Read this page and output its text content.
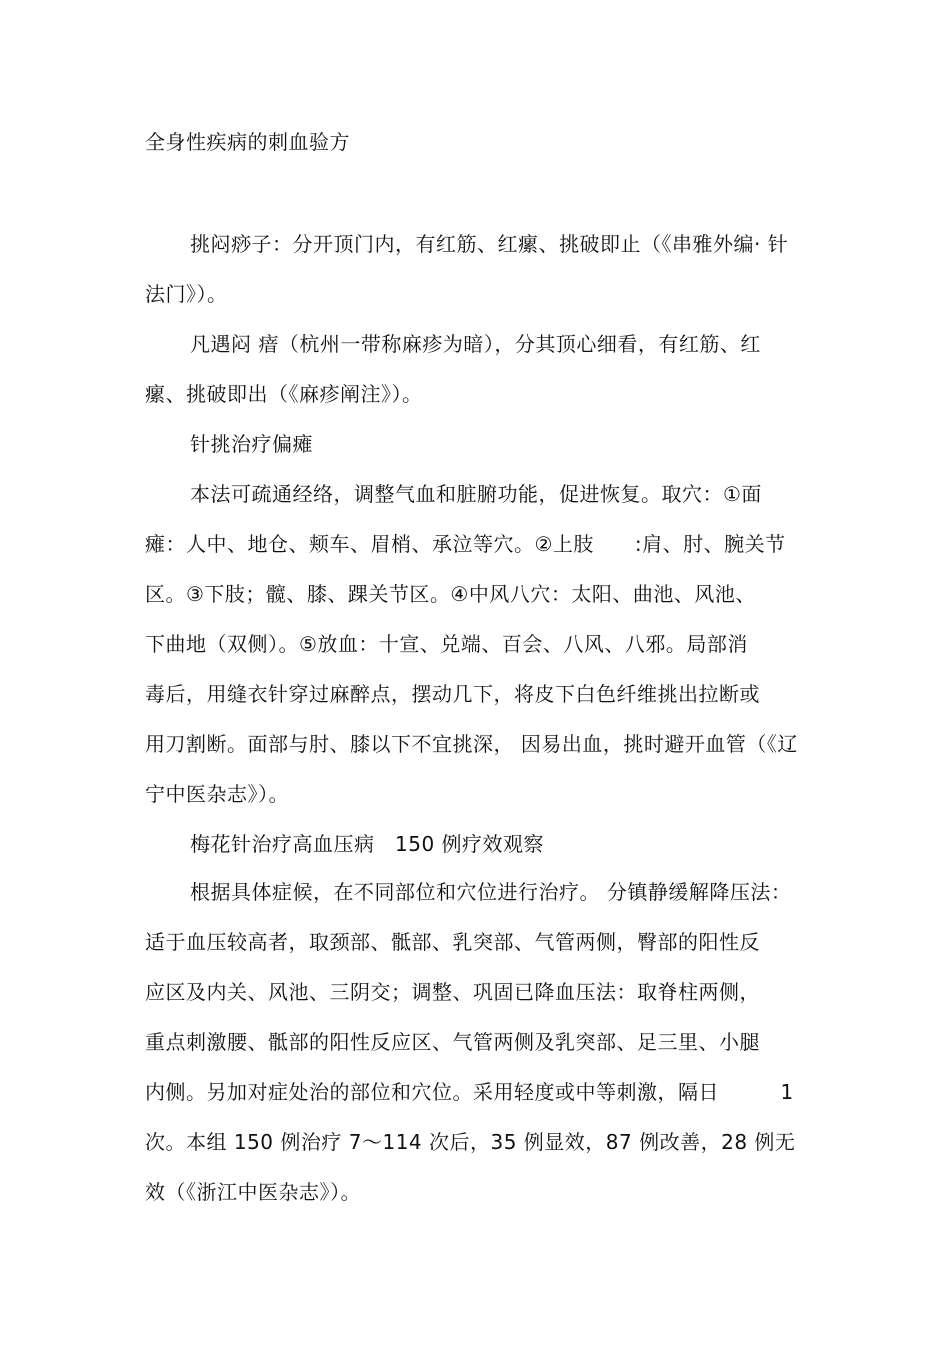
全身性疾病的刺血验方
挑闷痧子：分开顶门内，有红筋、红瘰、挑破即止（《串雅外编· 针
法门》）。
凡遇闷 瘖（杭州一带称麻疹为暗），分其顶心细看，有红筋、红
瘰、挑破即出（《麻疹阐注》）。
针挑治疗偏瘫
本法可疏通经络，调整气血和脏腑功能，促进恢复。取穴：①面
瘫：人中、地仓、颊车、眉梢、承泣等穴。②上肢　　:肩、肘、腕关节
区。③下肢；髋、膝、踝关节区。④中风八穴：太阳、曲池、风池、
下曲地（双侧）。⑤放血：十宣、兑端、百会、八风、八邪。局部消
毒后，用缝衣针穿过麻醉点，摆动几下，将皮下白色纤维挑出拉断或
用刀割断。面部与肘、膝以下不宜挑深， 因易出血，挑时避开血管（《辽
宁中医杂志》）。
梅花针治疗高血压病　150 例疗效观察
根据具体症候，在不同部位和穴位进行治疗。 分镇静缓解降压法：
适于血压较高者，取颈部、骶部、乳突部、气管两侧，臀部的阳性反
应区及内关、风池、三阴交；调整、巩固已降血压法：取脊柱两侧，
重点刺激腰、骶部的阳性反应区、气管两侧及乳突部、足三里、小腿
内侧。另加对症处治的部位和穴位。采用轻度或中等刺激，隔日　　　1
次。本组 150 例治疗 7～114 次后，35 例显效，87 例改善，28 例无
效（《浙江中医杂志》）。
